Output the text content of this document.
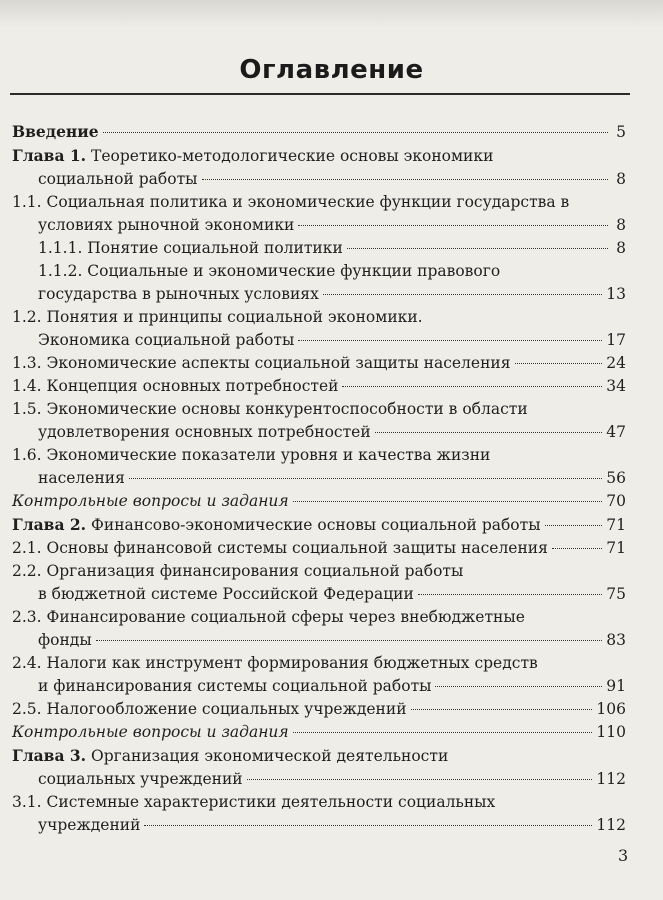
Оглавление
Введение	5
Глава 1.
Теоретико-методологические основы экономики
социальной работы	8
1.1. Социальная политика и экономические функции государства в
условиях рыночной экономики	8
1.1.1. Понятие социальной политики	8
1.1.2. Социальные и экономические функции правового
государства в рыночных условиях	13
1.2. Понятия и принципы социальной экономики.
Экономика социальной работы	17
1.3. Экономические аспекты социальной защиты населения	24
1.4. Концепция основных потребностей	34
1.5. Экономические основы конкурентоспособности в области
удовлетворения основных потребностей	47
1.6. Экономические показатели уровня и качества жизни
населения	56
Контрольные вопросы и задания	70
Глава 2.
Финансово-экономические основы социальной работы	71
2.1. Основы финансовой системы социальной защиты населения	71
2.2. Организация финансирования социальной работы
в бюджетной системе Российской Федерации	75
2.3. Финансирование социальной сферы через внебюджетные
фонды	83
2.4. Налоги как инструмент формирования бюджетных средств
и финансирования системы социальной работы	91
2.5. Налогообложение социальных учреждений	106
Контрольные вопросы и задания	110
Глава 3.
Организация экономической деятельности
социальных учреждений	112
3.1. Системные характеристики деятельности социальных
учреждений	112
3
